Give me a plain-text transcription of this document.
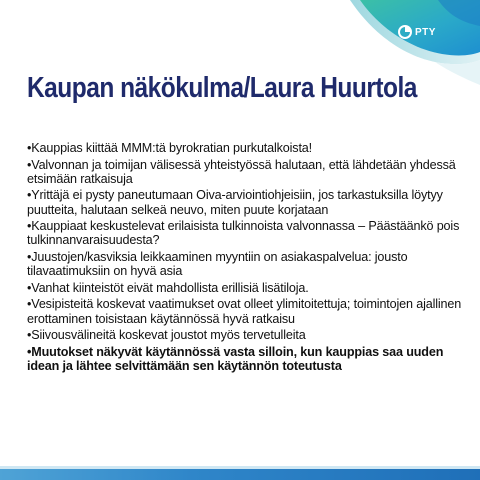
PTY
Kaupan näkökulma/Laura Huurtola
•Kauppias kiittää MMM:tä byrokratian purkutalkoista!
•Valvonnan ja toimijan välisessä yhteistyössä halutaan, että lähdetään yhdessä etsimään ratkaisuja
•Yrittäjä ei pysty paneutumaan Oiva-arviointiohjeisiin, jos tarkastuksilla löytyy puutteita, halutaan selkeä neuvo, miten puute korjataan
•Kauppiaat keskustelevat erilaisista tulkinnoista valvonnassa – Päästäänkö pois tulkinnanvaraisuudesta?
•Juustojen/kasviksia leikkaaminen myyntiin on asiakaspalvelua: jousto tilavaatimuksiin on hyvä asia
•Vanhat kiinteistöt eivät mahdollista erillisiä lisätiloja.
•Vesipisteitä koskevat vaatimukset ovat olleet ylimitoitettuja; toimintojen ajallinen erottaminen toisistaan käytännössä hyvä ratkaisu
•Siivousvälineitä koskevat joustot myös tervetulleita
•Muutokset näkyvät käytännössä vasta silloin, kun kauppias saa uuden idean ja lähtee selvittämään sen käytännön toteutusta
